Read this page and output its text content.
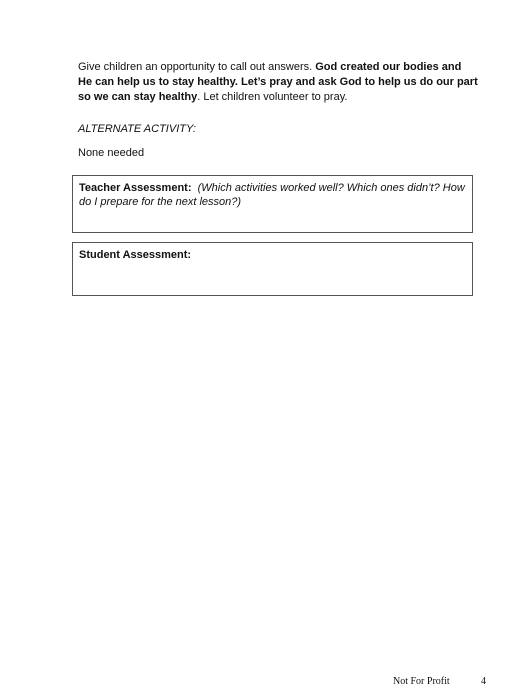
Give children an opportunity to call out answers. God created our bodies and He can help us to stay healthy. Let’s pray and ask God to help us do our part so we can stay healthy. Let children volunteer to pray.
ALTERNATE ACTIVITY:
None needed
Teacher Assessment: (Which activities worked well? Which ones didn’t? How do I prepare for the next lesson?)
Student Assessment:
Not For Profit	4
